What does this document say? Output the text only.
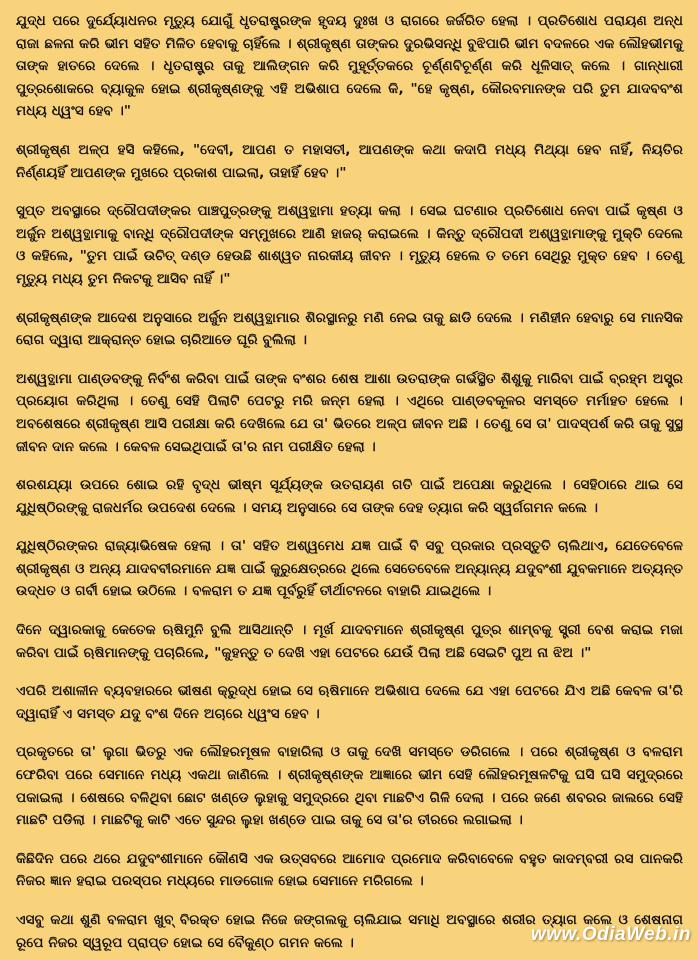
ଯୁଦ୍ଧ ପରେ ଦୁର୍ଯ୍ୟୋଧନର ମୃତ୍ୟୁ ଯୋଗୁଁ ଧୃତରାଷ୍ଟ୍ରଙ୍କ ହୃଦୟ ଦୁଃଖ ଓ ରାଗରେ ଜର୍ଜରିତ ହେଲା । ପ୍ରତିଶୋଧ ପରାୟଣ ଅନ୍ଧ ରାଜା ଛଳନା କରି ଭୀମ ସହିତ ମିଳିତ ହେବାକୁ ଚାହିଁଲେ । ଶ୍ରୀକୃଷ୍ଣ ତାଙ୍କର ଦୁରଭିସନ୍ଧି ବୁଝିପାରି ଭୀମ ବଦଳରେ ଏକ ଲୌହଭୀମକୁ ତାଙ୍କ ହାତରେ ଦେଲେ । ଧୃତରାଷ୍ଟ୍ର ତାକୁ ଆଲିଙ୍ଗନ କରି ମୁହୂର୍ତ୍ତକରେ ଚୂର୍ଣ୍ଣବିଚୂର୍ଣ୍ଣ କରି ଧୂଳିସାତ୍ କଲେ । ଗାନ୍ଧାରୀ ପୁତ୍ରଶୋକରେ ବ୍ୟାକୁଳ ହୋଇ ଶ୍ରୀକୃଷ୍ଣଙ୍କୁ ଏହି ଅଭିଶାପ ଦେଲେ କି, "ହେ କୃଷ୍ଣ, କୌରବମାନଙ୍କ ପରି ତୁମ ଯାଦବବଂଶ ମଧ୍ୟ ଧ୍ୱଂସ ହେବ ।"

ଶ୍ରୀକୃଷ୍ଣ ଅଳ୍ପ ହସି କହିଲେ, "ଦେବୀ, ଆପଣ ତ ମହାସତୀ, ଆପଣଙ୍କ କଥା କଦାପି ମଧ୍ୟ ମିଥ୍ୟା ହେବ ନାହିଁ, ନିୟତିର ନିର୍ଣ୍ଣୟହିଁ ଆପଣଙ୍କ ମୁଖରେ ପ୍ରକାଶ ପାଇଲା, ତାହାହିଁ ହେବ ।"

ସୁପ୍ତ ଅବସ୍ଥାରେ ଦ୍ରୌପଦୀଙ୍କର ପାଞ୍ଚପୁତ୍ରଙ୍କୁ ଅଶ୍ୱତ୍ଥାମା ହତ୍ୟା କଲା । ସେଇ ଘଟଣାର ପ୍ରତିଶୋଧ ନେବା ପାଇଁ କୃଷ୍ଣ ଓ ଅର୍ଜୁନ ଅଶ୍ୱତ୍ଥାମାକୁ ବାନ୍ଧି ଦ୍ରୌପଦୀଙ୍କ ସମ୍ମୁଖରେ ଆଣି ହାଜର୍ କରାଇଲେ । କିନ୍ତୁ ଦ୍ରୌପଦୀ ଅଶ୍ୱତ୍ଥାମାଙ୍କୁ ମୁକ୍ତି ଦେଲେ ଓ କହିଲେ, "ତୁମ ପାଇଁ ଉଚିତ୍ ଦଣ୍ଡ ହେଉଛି ଶାଶ୍ୱତ ନାରକୀୟ ଜୀବନ । ମୃତ୍ୟୁ ହେଲେ ତ ତମେ ସେଥିରୁ ମୁକ୍ତ ହେବ । ତେଣୁ ମୃତ୍ୟୁ ମଧ୍ୟ ତୁମ ନିକଟକୁ ଆସିବ ନାହିଁ ।"

ଶ୍ରୀକୃଷ୍ଣଙ୍କ ଆଦେଶ ଅନୁସାରେ ଅର୍ଜୁନ ଅଶ୍ୱତ୍ଥାମାର ଶିରସ୍ଥାନରୁ ମଣି ନେଇ ତାକୁ ଛାଡି ଦେଲେ । ମଣିହୀନ ହେବାରୁ ସେ ମାନସିକ ରୋଗ ଦ୍ୱାରା ଆକ୍ରାନ୍ତ ହୋଇ ଚାରିଆଡେ ଘୂରି ବୁଲିଲା ।

ଅଶ୍ୱତ୍ଥାମା ପାଣ୍ଡବଙ୍କୁ ନିର୍ବଂଶ କରିବା ପାଇଁ ତାଙ୍କ ବଂଶର ଶେଷ ଆଶା ଉତରାଙ୍କ ଗର୍ଭସ୍ଥିତ ଶିଶୁକୁ ମାରିବା ପାଇଁ ବ୍ରହ୍ମ ଅସ୍ତ୍ର ପ୍ରୟୋଗ କରିଥିଲା । ତେଣୁ ସେହି ପିଲାଟି ପେଟରୁ ମରି ଜନ୍ମ ହେଲା । ଏଥିରେ ପାଣ୍ଡବକୂଳର ସମସ୍ତେ ମର୍ମାହତ ହେଲେ । ଅବଶେଷରେ ଶ୍ରୀକୃଷ୍ଣ ଆସି ପରୀକ୍ଷା କରି ଦେଖିଲେ ଯେ ତା' ଭିତରେ ଅଳ୍ପ ଜୀବନ ଅଛି । ତେଣୁ ସେ ତା' ପାଦସ୍ପର୍ଶ କରି ତାକୁ ସୁସ୍ଥ ଜୀବନ ଦାନ କଲେ । କେବଳ ସେଇଥିପାଇଁ ତା'ର ନାମ ପରୀକ୍ଷିତ ହେଲା ।

ଶରଶଯ୍ୟା ଉପରେ ଶୋଇ ରହି ବୃଦ୍ଧ ଭୀଷ୍ମ ସୂର୍ଯ୍ୟଙ୍କ ଉତରାୟଣ ଗତି ପାଇଁ ଅପେକ୍ଷା କରୁଥିଲେ । ସେହିଠାରେ ଥାଇ ସେ ଯୁଧିଷ୍ଠିରଙ୍କୁ ରାଜଧର୍ମର ଉପଦେଶ ଦେଲେ । ସମୟ ଅନୁସାରେ ସେ ତାଙ୍କ ଦେହ ତ୍ୟାଗ କରି ସ୍ୱର୍ଗଗମନ କଲେ ।

ଯୁଧିଷ୍ଠିରଙ୍କର ରାଜ୍ୟାଭିଷେକ ହେଲା । ତା' ସହିତ ଅଶ୍ୱମେଧ ଯଜ୍ଞ ପାଇଁ ବି ସବୁ ପ୍ରକାର ପ୍ରସ୍ତୁତି ଚାଲିଥାଏ, ଯେତେବେଳେ ଶ୍ରୀକୃଷ୍ଣ ଓ ଅନ୍ୟ ଯାଦବବୀରମାନେ ଯଜ୍ଞ ପାଇଁ କୁରୁକ୍ଷେତ୍ରରେ ଥିଲେ ସେତେବେଳେ ଅନ୍ୟାନ୍ୟ ଯଦୁବଂଶୀ ଯୁବକମାନେ ଅତ୍ୟନ୍ତ ଉଦ୍ଧତ ଓ ଗର୍ବୀ ହୋଇ ଉଠିଲେ । ବଳରାମ ତ ଯଜ୍ଞ ପୂର୍ବରୁହିଁ ତୀର୍ଥାଟନରେ ବାହାରି ଯାଇଥିଲେ ।

ଦିନେ ଦ୍ୱାରକାକୁ କେତେକ ଋଷିମୁନି ବୁଲି ଆସିଥାନ୍ତି । ମୂର୍ଖ ଯାଦବମାନେ ଶ୍ରୀକୃଷ୍ଣ ପୁତ୍ର ଶାମ୍ବକୁ ସ୍ତ୍ରୀ ବେଶ କରାଇ ମଜା କରିବା ପାଇଁ ଋଷିମାନଙ୍କୁ ପଚାରିଲେ, "କୁହନ୍ତୁ ତ ଦେଖି ଏହା ପେଟରେ ଯେଉଁ ପିଲା ଅଛି ସେଇଟି ପୁଅ ନା ଝିଅ ।"

ଏପରି ଅଶାଳୀନ ବ୍ୟବହାରରେ ଭୀଷଣ କ୍ରୁଦ୍ଧ ହୋଇ ସେ ଋଷିମାନେ ଅଭିଶାପ ଦେଲେ ଯେ ଏହା ପେଟରେ ଯିଏ ଅଛି କେବଳ ତା'ରି ଦ୍ୱାରାହିଁ ଏ ସମସ୍ତ ଯଦୁ ବଂଶ ଦିନେ ଅଚାରେ ଧ୍ୱଂସ ହେବ ।

ପ୍ରକୃତରେ ତା' ଲୁଗା ଭିତରୁ ଏକ ଲୌହରମୂଷଳ ବାହାରିଲା ଓ ତାକୁ ଦେଖି ସମସ୍ତେ ଡରିଗଲେ । ପରେ ଶ୍ରୀକୃଷ୍ଣ ଓ ବଳରାମ ଫେରିବା ପରେ ସେମାନେ ମଧ୍ୟ ଏକଥା ଜାଣିଲେ । ଶ୍ରୀକୃଷ୍ଣଙ୍କ ଆଜ୍ଞାରେ ଭୀମ ସେହି ଲୌହରମୂଷଳଟିକୁ ଘସି ଘସି ସମୁଦ୍ରରେ ପକାଇଲା । ଶେଷରେ ବଳିଥିବା ଛୋଟ ଖଣ୍ଡେ ଲୁହାକୁ ସମୁଦ୍ରରେ ଥିବା ମାଛଟିଏ ଗିଳି ଦେଲା । ପରେ ଜଣେ ଶବରର ଜାଲରେ ସେହି ମାଛଟି ପଡିଲା । ମାଛଟିକୁ କାଟି ଏତେ ସୁନ୍ଦର ଲୁହା ଖଣ୍ଡେ ପାଇ ତାକୁ ସେ ତା'ର ତୀରରେ ଲଗାଇଲା ।

କିଛିଦିନ ପରେ ଥରେ ଯଦୁବଂଶୀମାନେ କୌଣସି ଏକ ଉତ୍ସବରେ ଆମୋଦ ପ୍ରମୋଦ କରିବାବେଳେ ବହୁତ କାଦମ୍ବରୀ ରସ ପାନକରି ନିଜର ଜ୍ଞାନ ହରାଇ ପରସ୍ପର ମଧ୍ୟରେ ମାଡଗୋଳ ହୋଇ ସେମାନେ ମରିଗଲେ ।

ଏସବୁ କଥା ଶୁଣି ବଳରାମ ଖୁବ୍ ବିରକ୍ତ ହୋଇ ନିଜେ ଜଙ୍ଗଲକୁ ଚାଲିଯାଇ ସମାଧି ଅବସ୍ଥାରେ ଶରୀର ତ୍ୟାଗ କଲେ ଓ ଶେଷନାଗ ରୂପେ ନିଜର ସ୍ୱରୂପ ପ୍ରାପ୍ତ ହୋଇ ସେ ବୈକୁଣ୍ଠ ଗମନ କଲେ ।	www.OdiaWeb.in
